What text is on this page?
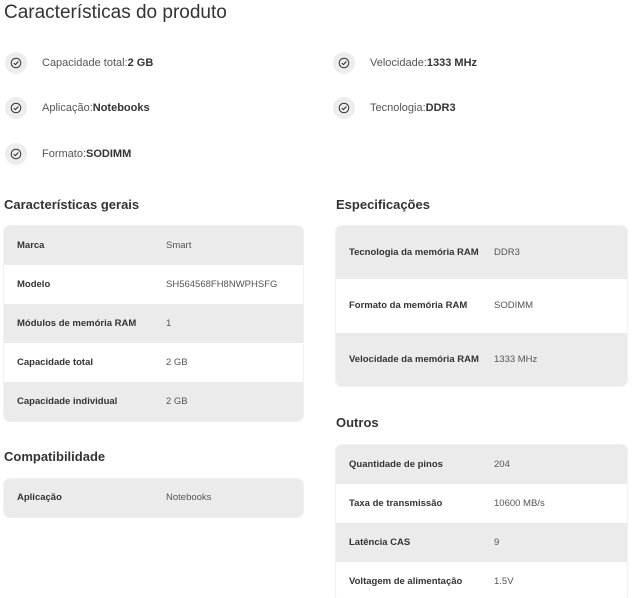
Características do produto
Capacidade total: 2 GB	Velocidade: 1333 MHz
Aplicação: Notebooks	Tecnologia: DDR3
Formato: SODIMM
Características gerais
Marca	Smart
Modelo	SH564568FH8NWPHSFG
Módulos de memória RAM	1
Capacidade total	2 GB
Capacidade individual	2 GB
Compatibilidade
Aplicação	Notebooks
Especificações
Tecnologia da memória RAM	DDR3
Formato da memória RAM	SODIMM
Velocidade da memória RAM	1333 MHz
Outros
Quantidade de pinos	204
Taxa de transmissão	10600 MB/s
Latência CAS	9
Voltagem de alimentação	1.5V
